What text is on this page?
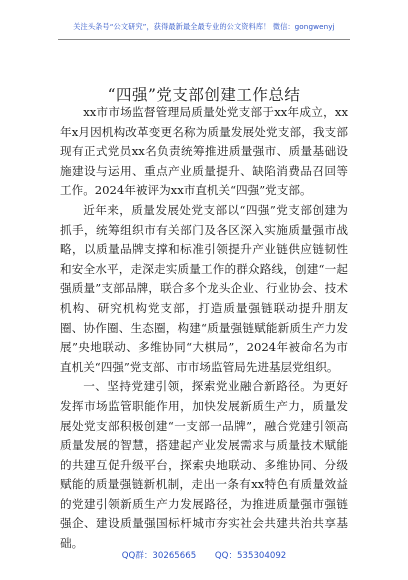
关注头条号“公文研究”，获得最新最全最专业的公文资料库！ 微信：gongwenyj
“四强”党支部创建工作总结

xx市市场监督管理局质量处党支部于xx年成立，xx年x月因机构改革变更名称为质量发展处党支部，我支部现有正式党员xx名负责统筹推进质量强市、质量基础设施建设与运用、重点产业质量提升、缺陷消费品召回等工作。2024年被评为xx市直机关“四强”党支部。

近年来，质量发展处党支部以“四强”党支部创建为抓手，统筹组织市有关部门及各区深入实施质量强市战略，以质量品牌支撑和标准引领提升产业链供应链韧性和安全水平，走深走实质量工作的群众路线，创建“一起强质量”支部品牌，联合多个龙头企业、行业协会、技术机构、研究机构党支部，打造质量强链联动提升朋友圈、协作圈、生态圈，构建“质量强链赋能新质生产力发展”央地联动、多维协同“大棋局”，2024年被命名为市直机关“四强”党支部、市市场监管局先进基层党组织。

一、坚持党建引领，探索党业融合新路径。为更好发挥市场监管职能作用，加快发展新质生产力，质量发展处党支部积极创建“一支部一品牌”，融合党建引领高质量发展的智慧，搭建起产业发展需求与质量技术赋能的共建互促升级平台，探索央地联动、多维协同、分级赋能的质量强链新机制，走出一条有xx特色有质量效益的党建引领新质生产力发展路径，为推进质量强市强链强企、建设质量强国标杆城市夯实社会共建共治共享基础。

QQ群：30265665 QQ：535304092
